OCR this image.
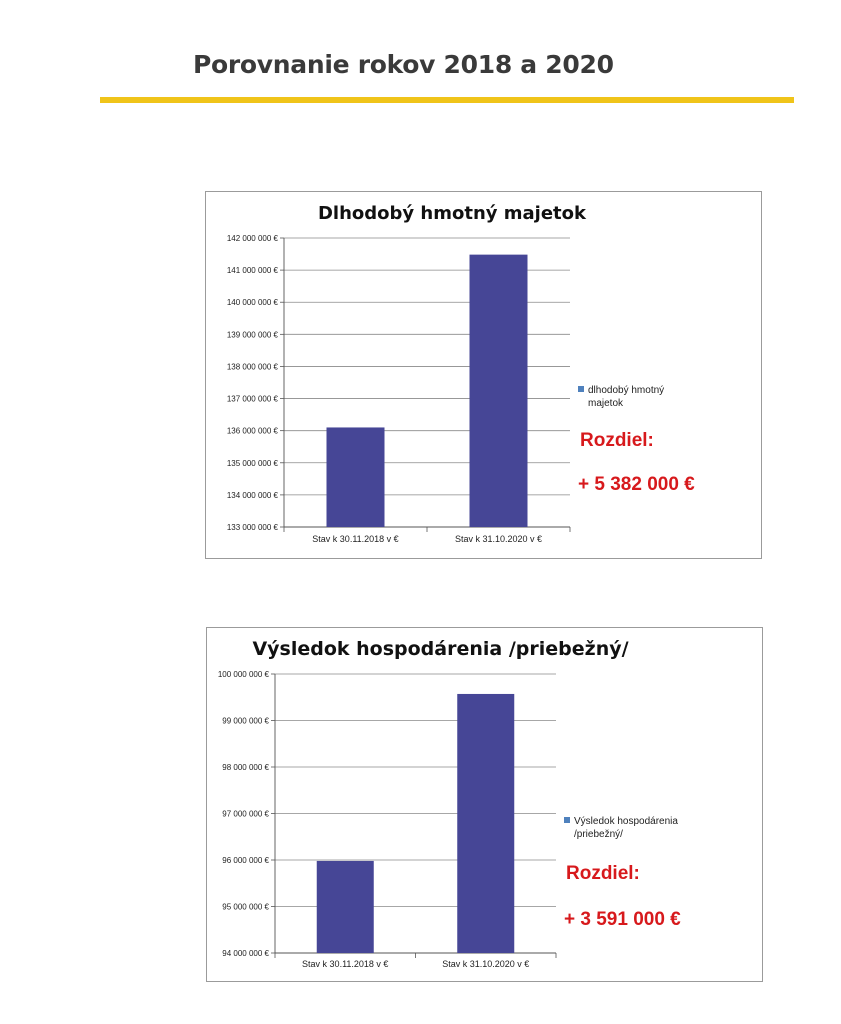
Porovnanie rokov 2018 a 2020
Dlhodobý hmotný majetok
133 000 000 €
134 000 000 €
135 000 000 €
136 000 000 €
137 000 000 €
138 000 000 €
139 000 000 €
140 000 000 €
141 000 000 €
142 000 000 €
Stav k 30.11.2018 v €	Stav k 31.10.2020 v €
dlhodobý hmotný
majetok
Rozdiel:
+ 5 382 000 €
Výsledok hospodárenia /priebežný/
94 000 000 €
95 000 000 €
96 000 000 €
97 000 000 €
98 000 000 €
99 000 000 €
100 000 000 €
Stav k 30.11.2018 v €	Stav k 31.10.2020 v €
Výsledok hospodárenia
/priebežný/
Rozdiel:
+ 3 591 000 €
